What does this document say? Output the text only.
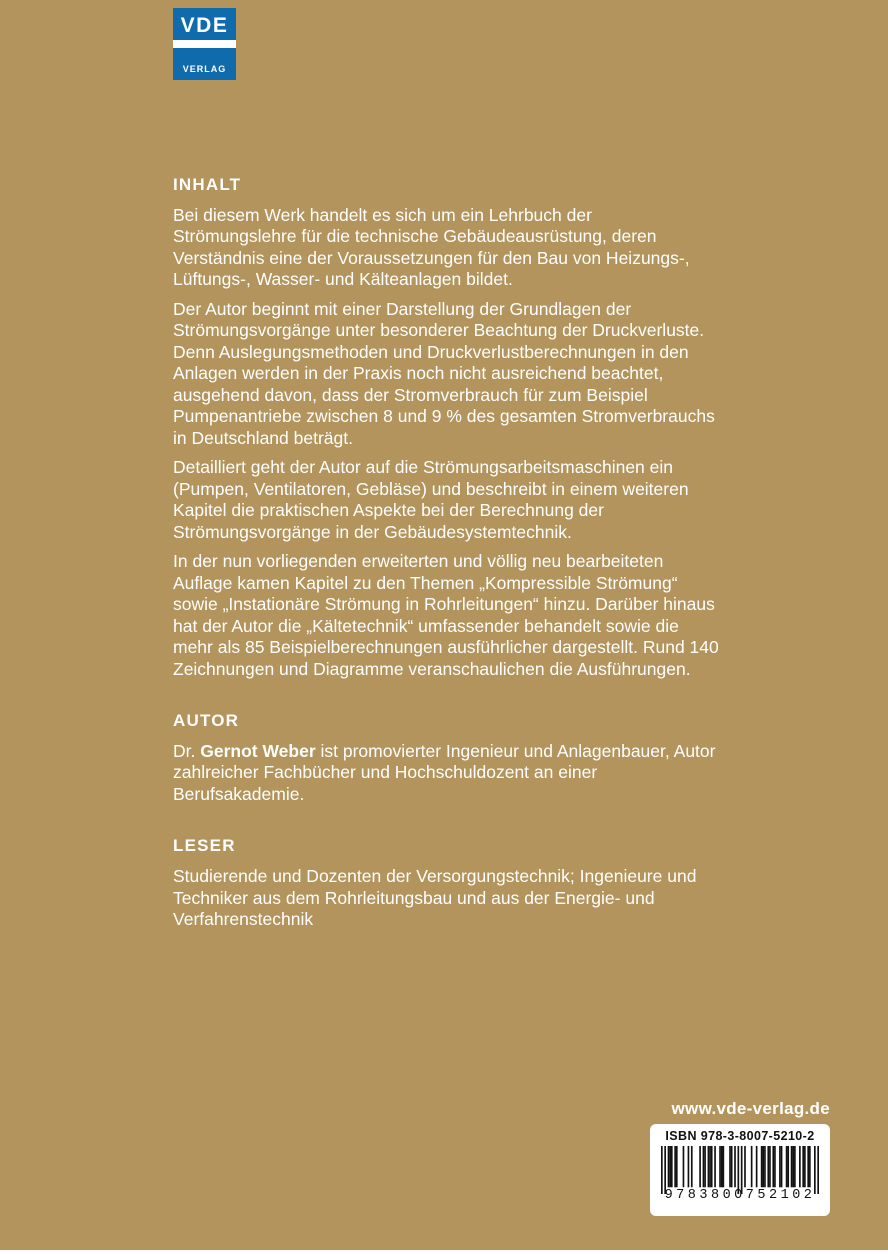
VDE
VERLAG
INHALT

Bei diesem Werk handelt es sich um ein Lehrbuch der Strömungslehre für die technische Gebäudeausrüstung, deren Verständnis eine der Voraussetzungen für den Bau von Heizungs-, Lüftungs-, Wasser- und Kälteanlagen bildet.

Der Autor beginnt mit einer Darstellung der Grundlagen der Strömungsvorgänge unter besonderer Beachtung der Druckverluste. Denn Auslegungsmethoden und Druckverlustberechnungen in den Anlagen werden in der Praxis noch nicht ausreichend beachtet, ausgehend davon, dass der Stromverbrauch für zum Beispiel Pumpenantriebe zwischen 8 und 9 % des gesamten Stromverbrauchs in Deutschland beträgt.

Detailliert geht der Autor auf die Strömungsarbeitsmaschinen ein (Pumpen, Ventilatoren, Gebläse) und beschreibt in einem weiteren Kapitel die praktischen Aspekte bei der Berechnung der Strömungsvorgänge in der Gebäudesystemtechnik.

In der nun vorliegenden erweiterten und völlig neu bearbeiteten Auflage kamen Kapitel zu den Themen „Kompressible Strömung“ sowie „Instationäre Strömung in Rohrleitungen“ hinzu. Darüber hinaus hat der Autor die „Kältetechnik“ umfassender behandelt sowie die mehr als 85 Beispielberechnungen ausführlicher dargestellt. Rund 140 Zeichnungen und Diagramme veranschaulichen die Ausführungen.

AUTOR

Dr. Gernot Weber ist promovierter Ingenieur und Anlagenbauer, Autor zahlreicher Fachbücher und Hochschuldozent an einer Berufsakademie.

LESER

Studierende und Dozenten der Versorgungstechnik; Ingenieure und Techniker aus dem Rohrleitungsbau und aus der Energie- und Verfahrenstechnik

www.vde-verlag.de
ISBN 978-3-8007-5210-2
9783800752102
